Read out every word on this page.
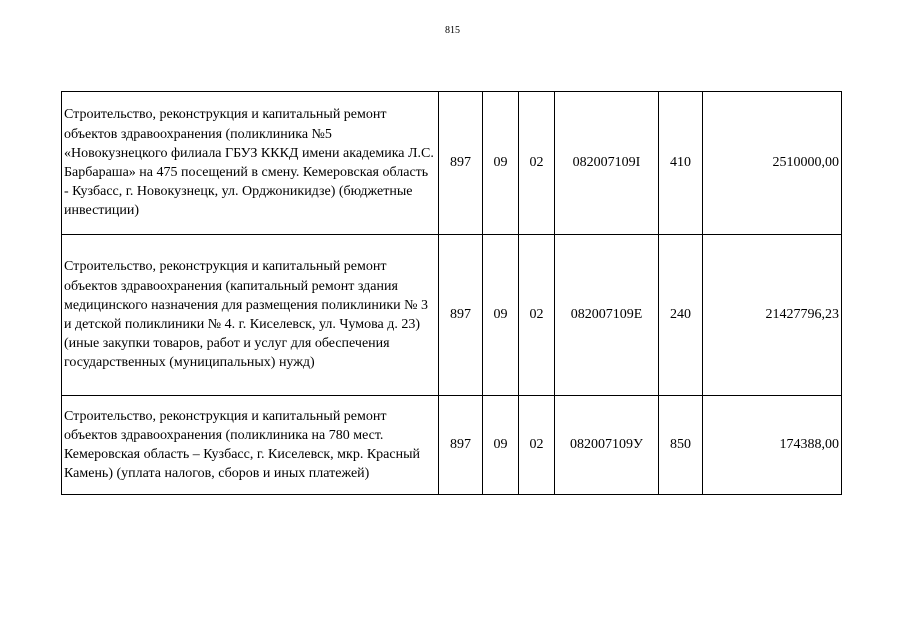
815
Строительство, реконструкция и капитальный ремонт объектов здравоохранения (поликлиника №5 «Новокузнецкого филиала ГБУЗ КККД имени академика Л.С. Барбараша» на 475 посещений в смену. Кемеровская область - Кузбасс, г. Новокузнецк, ул. Орджоникидзе) (бюджетные инвестиции)	897	09	02	082007109I	410	2510000,00
Строительство, реконструкция и капитальный ремонт объектов здравоохранения (капитальный ремонт здания медицинского назначения для размещения поликлиники № 3 и детской поликлиники № 4. г. Киселевск, ул. Чумова д. 23) (иные закупки товаров, работ и услуг для обеспечения государственных (муниципальных) нужд)	897	09	02	082007109Е	240	21427796,23
Строительство, реконструкция и капитальный ремонт объектов здравоохранения (поликлиника на 780 мест. Кемеровская область – Кузбасс, г. Киселевск, мкр. Красный Камень) (уплата налогов, сборов и иных платежей)	897	09	02	082007109У	850	174388,00
